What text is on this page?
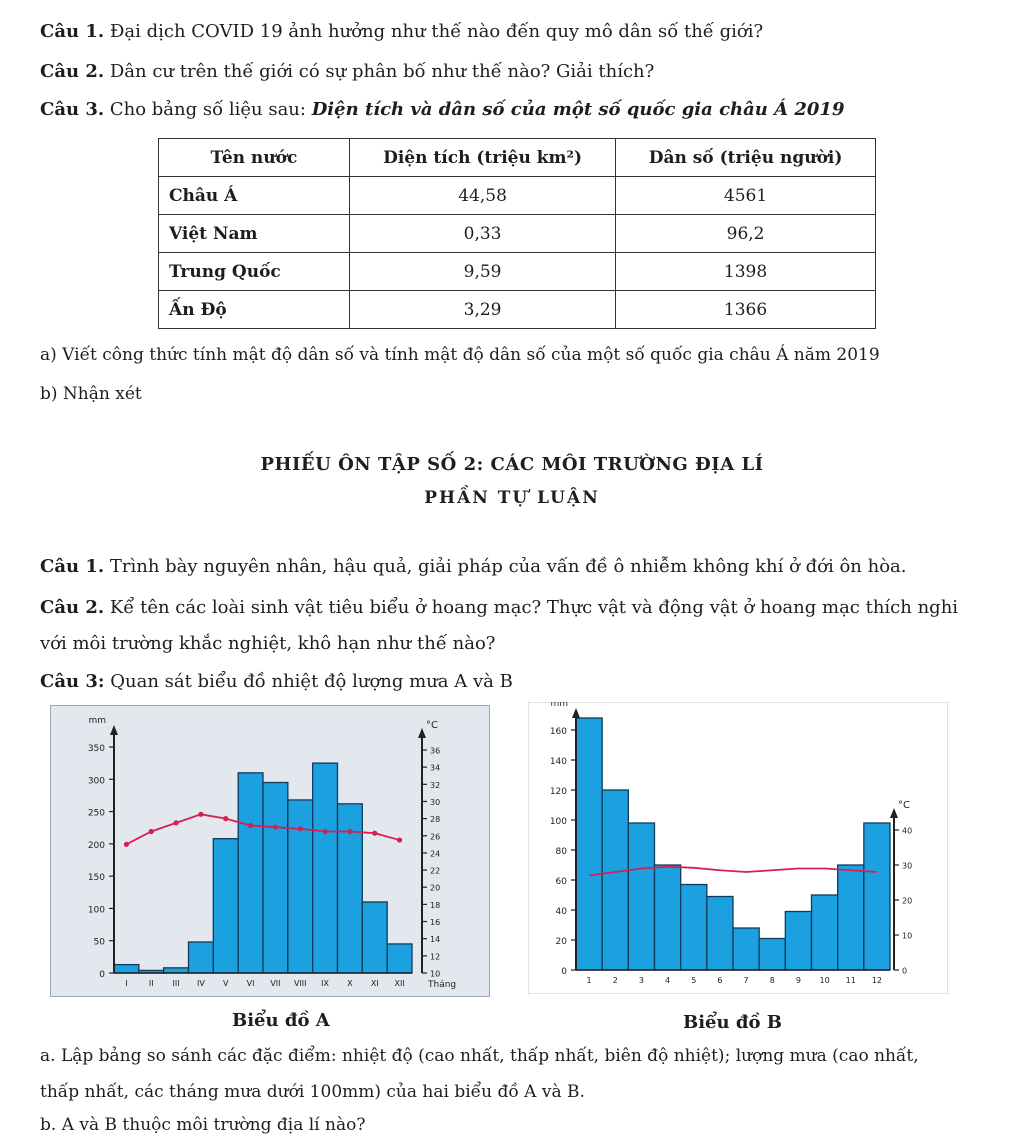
Câu 1. Đại dịch COVID 19 ảnh hưởng như thế nào đến quy mô dân số thế giới?
Câu 2. Dân cư trên thế giới có sự phân bố như thế nào? Giải thích?
Câu 3. Cho bảng số liệu sau: Diện tích và dân số của một số quốc gia châu Á 2019
Tên nước	Diện tích (triệu km²)	Dân số (triệu người)
Châu Á	44,58	4561
Việt Nam	0,33	96,2
Trung Quốc	9,59	1398
Ấn Độ	3,29	1366
a) Viết công thức tính mật độ dân số và tính mật độ dân số của một số quốc gia châu Á năm 2019
b) Nhận xét
PHIẾU ÔN TẬP SỐ 2: CÁC MÔI TRƯỜNG ĐỊA LÍ
PHẦN TỰ LUẬN
Câu 1. Trình bày nguyên nhân, hậu quả, giải pháp của vấn đề ô nhiễm không khí ở đới ôn hòa.
Câu 2. Kể tên các loài sinh vật tiêu biểu ở hoang mạc? Thực vật và động vật ở hoang mạc thích nghi
với môi trường khắc nghiệt, khô hạn như thế nào?
Câu 3: Quan sát biểu đồ nhiệt độ lượng mưa A và B
0
50
100
150
200
250
300
350
mm
10
12
14
16
18
20
22
24
26
28
30
32
34
36
°C
I	II III IV V VI VII VIII IX X XI XII	Tháng
Biểu đồ A
0
20
40
60
80
100
120
140
160
mm
0
10
20
30
40
°C
1	2	3	4	5	6	7	8	9 10 11 12
Biểu đồ B
a. Lập bảng so sánh các đặc điểm: nhiệt độ (cao nhất, thấp nhất, biên độ nhiệt); lượng mưa (cao nhất,
thấp nhất, các tháng mưa dưới 100mm) của hai biểu đồ A và B.
b. A và B thuộc môi trường địa lí nào?
